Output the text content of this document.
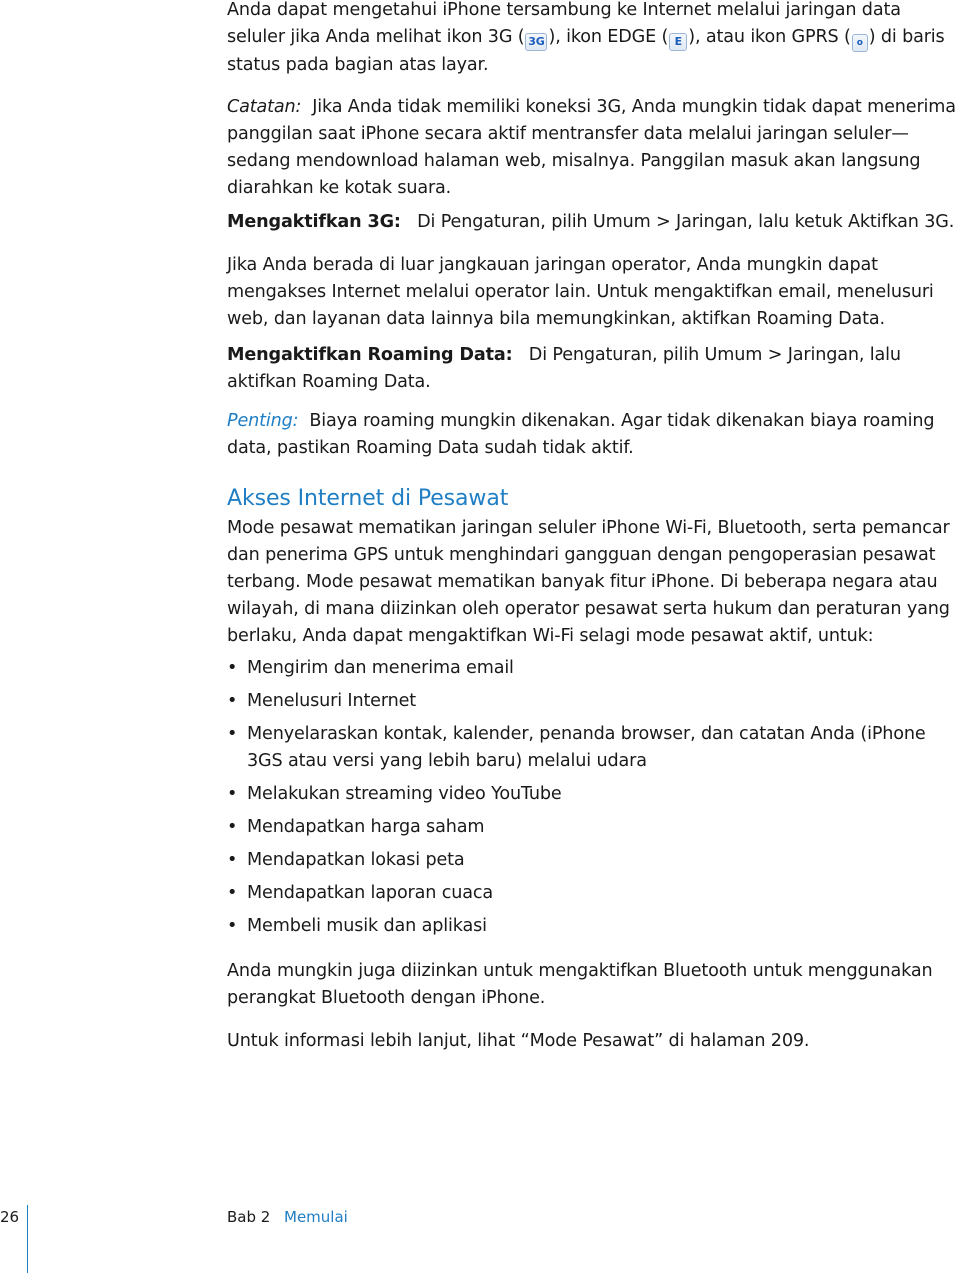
Anda dapat mengetahui iPhone tersambung ke Internet melalui jaringan data seluler jika Anda melihat ikon 3G ( 3G ), ikon EDGE ( E ), atau ikon GPRS ( o ) di baris status pada bagian atas layar.

Catatan: Jika Anda tidak memiliki koneksi 3G, Anda mungkin tidak dapat menerima panggilan saat iPhone secara aktif mentransfer data melalui jaringan seluler—sedang mendownload halaman web, misalnya. Panggilan masuk akan langsung diarahkan ke kotak suara.

Mengaktifkan 3G: Di Pengaturan, pilih Umum > Jaringan, lalu ketuk Aktifkan 3G.

Jika Anda berada di luar jangkauan jaringan operator, Anda mungkin dapat mengakses Internet melalui operator lain. Untuk mengaktifkan email, menelusuri web, dan layanan data lainnya bila memungkinkan, aktifkan Roaming Data.

Mengaktifkan Roaming Data: Di Pengaturan, pilih Umum > Jaringan, lalu aktifkan Roaming Data.

Penting: Biaya roaming mungkin dikenakan. Agar tidak dikenakan biaya roaming data, pastikan Roaming Data sudah tidak aktif.

Akses Internet di Pesawat

Mode pesawat mematikan jaringan seluler iPhone Wi-Fi, Bluetooth, serta pemancar dan penerima GPS untuk menghindari gangguan dengan pengoperasian pesawat terbang. Mode pesawat mematikan banyak fitur iPhone. Di beberapa negara atau wilayah, di mana diizinkan oleh operator pesawat serta hukum dan peraturan yang berlaku, Anda dapat mengaktifkan Wi-Fi selagi mode pesawat aktif, untuk:

• Mengirim dan menerima email
• Menelusuri Internet
• Menyelaraskan kontak, kalender, penanda browser, dan catatan Anda (iPhone 3GS atau versi yang lebih baru) melalui udara
• Melakukan streaming video YouTube
• Mendapatkan harga saham
• Mendapatkan lokasi peta
• Mendapatkan laporan cuaca
• Membeli musik dan aplikasi

Anda mungkin juga diizinkan untuk mengaktifkan Bluetooth untuk menggunakan perangkat Bluetooth dengan iPhone.

Untuk informasi lebih lanjut, lihat “Mode Pesawat” di halaman 209.

26	Bab 2 Memulai
